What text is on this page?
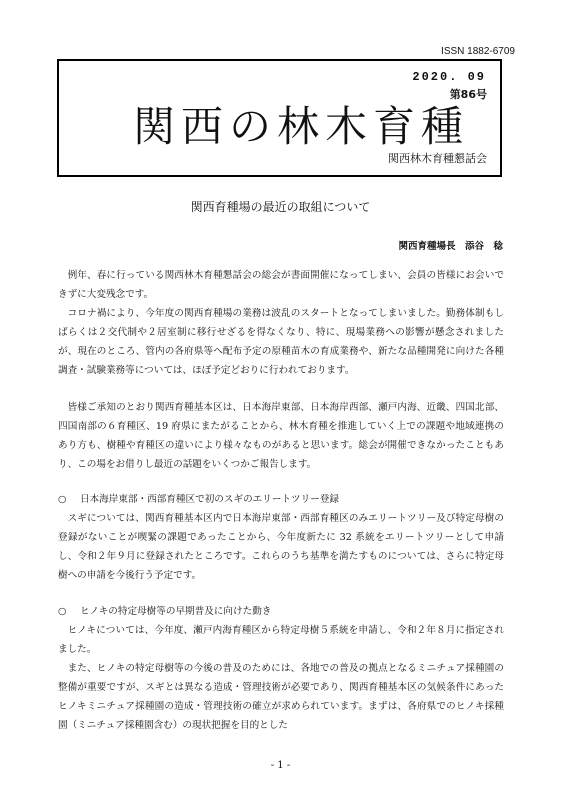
ISSN 1882-6709
2020. 09
第86号
関西の林木育種
関西林木育種懇話会
関西育種場の最近の取組について
関西育種場長　添谷　稔

例年、春に行っている関西林木育種懇話会の総会が書面開催になってしまい、会員の皆様にお会いできずに大変残念です。

コロナ禍により、今年度の関西育種場の業務は波乱のスタートとなってしまいました。勤務体制もしばらくは２交代制や２居室制に移行せざるを得なくなり、特に、現場業務への影響が懸念されましたが、現在のところ、管内の各府県等へ配布予定の原種苗木の育成業務や、新たな品種開発に向けた各種調査・試験業務等については、ほぼ予定どおりに行われております。

皆様ご承知のとおり関西育種基本区は、日本海岸東部、日本海岸西部、瀬戸内海、近畿、四国北部、四国南部の６育種区、19 府県にまたがることから、林木育種を推進していく上での課題や地域連携のあり方も、樹種や育種区の違いにより様々なものがあると思います。総会が開催できなかったこともあり、この場をお借りし最近の話題をいくつかご報告します。

○ 日本海岸東部・西部育種区で初のスギのエリートツリー登録

スギについては、関西育種基本区内で日本海岸東部・西部育種区のみエリートツリー及び特定母樹の登録がないことが喫緊の課題であったことから、今年度新たに 32 系統をエリートツリーとして申請し、令和２年９月に登録されたところです。これらのうち基準を満たすものについては、さらに特定母樹への申請を今後行う予定です。

○ ヒノキの特定母樹等の早期普及に向けた動き

ヒノキについては、今年度、瀬戸内海育種区から特定母樹５系統を申請し、令和２年８月に指定されました。

また、ヒノキの特定母樹等の今後の普及のためには、各地での普及の拠点となるミニチュア採種園の整備が重要ですが、スギとは異なる造成・管理技術が必要であり、関西育種基本区の気候条件にあったヒノキミニチュア採種園の造成・管理技術の確立が求められています。まずは、各府県でのヒノキ採種園（ミニチュア採種園含む）の現状把握を目的とした

- 1 -
